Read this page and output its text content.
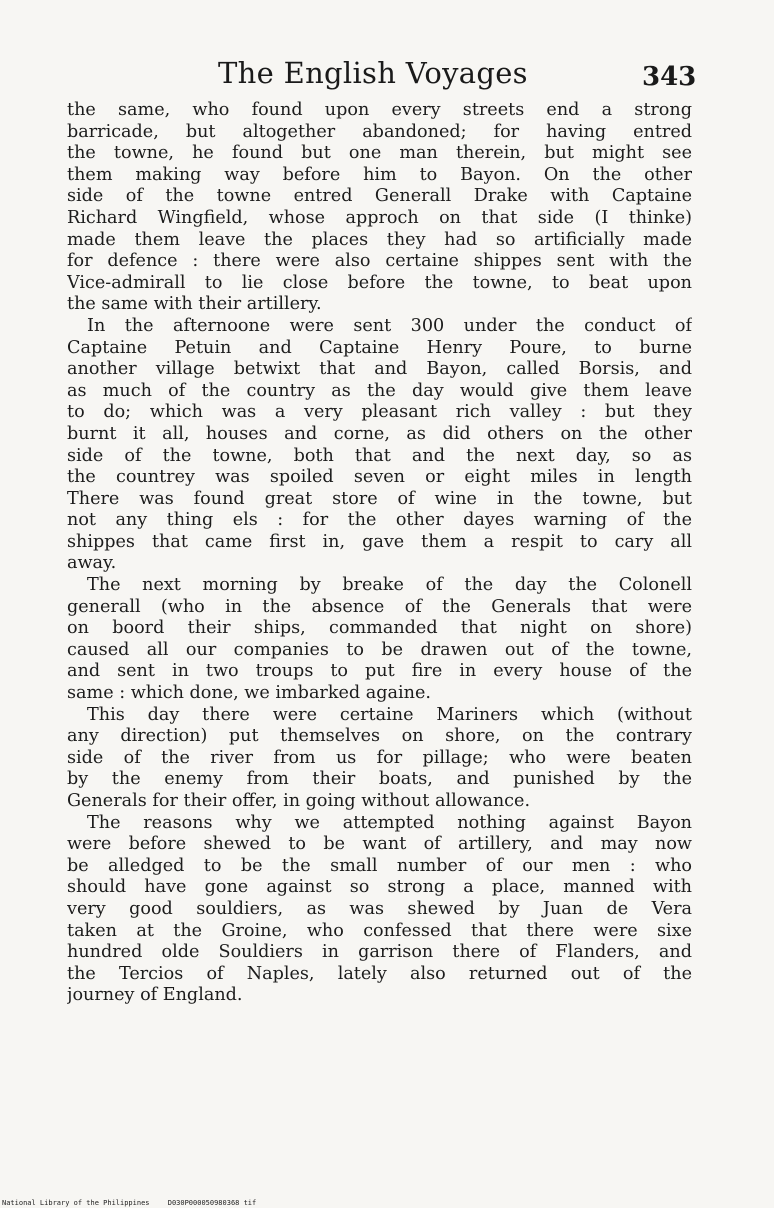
The English Voyages	343
the same, who found upon every streets end a strong
barricade, but altogether abandoned; for having entred
the towne, he found but one man therein, but might see
them making way before him to Bayon. On the other
side of the towne entred Generall Drake with Captaine
Richard Wingfield, whose approch on that side (I thinke)
made them leave the places they had so artificially made
for defence : there were also certaine shippes sent with the
Vice-admirall to lie close before the towne, to beat upon
the same with their artillery.
In the afternoone were sent 300 under the conduct of
Captaine Petuin and Captaine Henry Poure, to burne
another village betwixt that and Bayon, called Borsis, and
as much of the country as the day would give them leave
to do; which was a very pleasant rich valley : but they
burnt it all, houses and corne, as did others on the other
side of the towne, both that and the next day, so as
the countrey was spoiled seven or eight miles in length
There was found great store of wine in the towne, but
not any thing els : for the other dayes warning of the
shippes that came first in, gave them a respit to cary all
away.
The next morning by breake of the day the Colonell
generall (who in the absence of the Generals that were
on boord their ships, commanded that night on shore)
caused all our companies to be drawen out of the towne,
and sent in two troups to put fire in every house of the
same : which done, we imbarked againe.
This day there were certaine Mariners which (without
any direction) put themselves on shore, on the contrary
side of the river from us for pillage; who were beaten
by the enemy from their boats, and punished by the
Generals for their offer, in going without allowance.
The reasons why we attempted nothing against Bayon
were before shewed to be want of artillery, and may now
be alledged to be the small number of our men : who
should have gone against so strong a place, manned with
very good souldiers, as was shewed by Juan de Vera
taken at the Groine, who confessed that there were sixe
hundred olde Souldiers in garrison there of Flanders, and
the Tercios of Naples, lately also returned out of the
journey of England.
National Library of the Philippines	D030P000050980368 tif
